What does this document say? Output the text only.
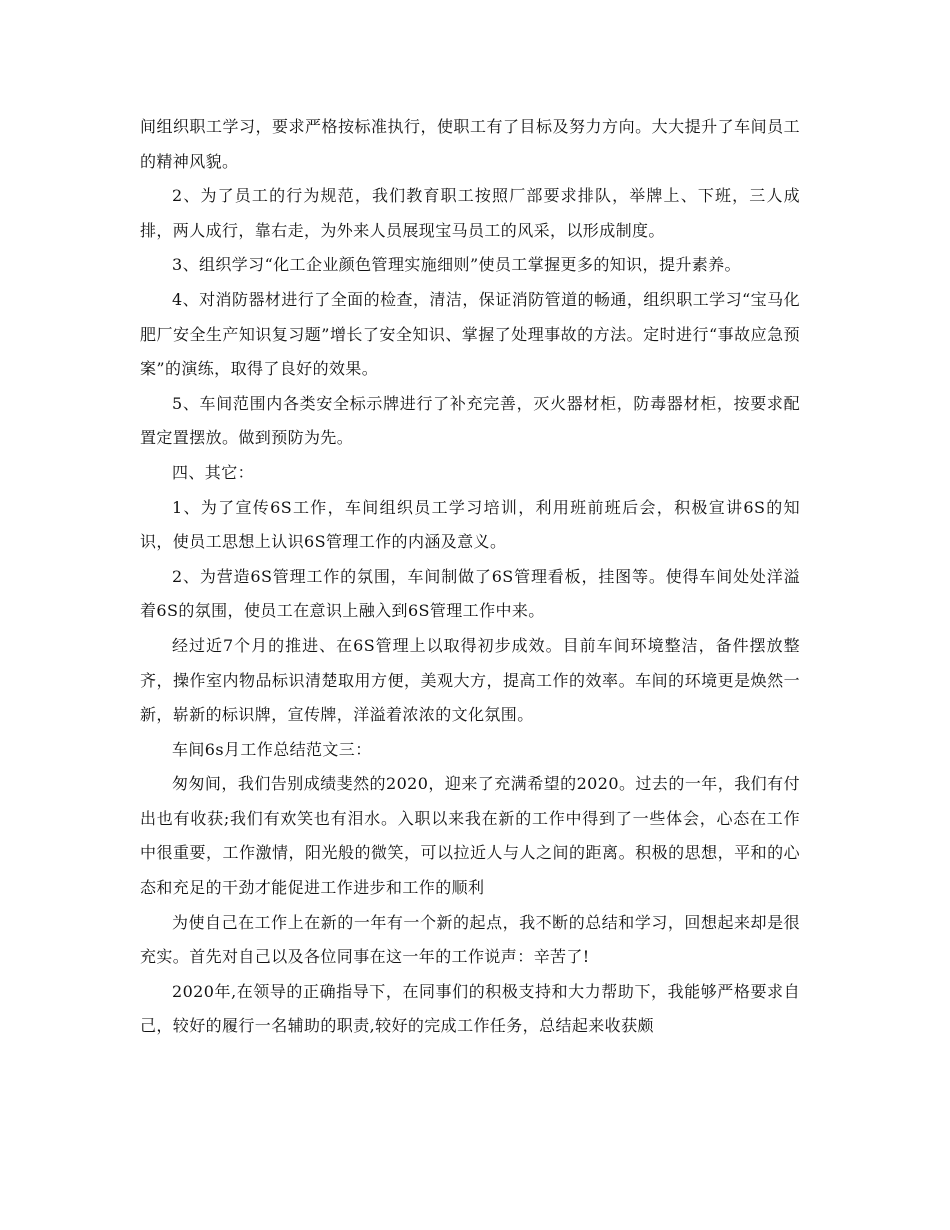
间组织职工学习，要求严格按标准执行，使职工有了目标及努力方向。大大提升了车间员工的精神风貌。

2、为了员工的行为规范，我们教育职工按照厂部要求排队，举牌上、下班，三人成排，两人成行，靠右走，为外来人员展现宝马员工的风采，以形成制度。

3、组织学习“化工企业颜色管理实施细则”使员工掌握更多的知识，提升素养。

4、对消防器材进行了全面的检查，清洁，保证消防管道的畅通，组织职工学习“宝马化肥厂安全生产知识复习题”增长了安全知识、掌握了处理事故的方法。定时进行“事故应急预案”的演练，取得了良好的效果。

5、车间范围内各类安全标示牌进行了补充完善，灭火器材柜，防毒器材柜，按要求配置定置摆放。做到预防为先。

四、其它：

1、为了宣传6S工作，车间组织员工学习培训，利用班前班后会，积极宣讲6S的知识，使员工思想上认识6S管理工作的内涵及意义。

2、为营造6S管理工作的氛围，车间制做了6S管理看板，挂图等。使得车间处处洋溢着6S的氛围，使员工在意识上融入到6S管理工作中来。

经过近7个月的推进、在6S管理上以取得初步成效。目前车间环境整洁，备件摆放整齐，操作室内物品标识清楚取用方便，美观大方，提高工作的效率。车间的环境更是焕然一新，崭新的标识牌，宣传牌，洋溢着浓浓的文化氛围。

车间6s月工作总结范文三：

匆匆间，我们告别成绩斐然的2020，迎来了充满希望的2020。过去的一年，我们有付出也有收获;我们有欢笑也有泪水。入职以来我在新的工作中得到了一些体会，心态在工作中很重要，工作激情，阳光般的微笑，可以拉近人与人之间的距离。积极的思想，平和的心态和充足的干劲才能促进工作进步和工作的顺利

为使自己在工作上在新的一年有一个新的起点，我不断的总结和学习，回想起来却是很充实。首先对自己以及各位同事在这一年的工作说声：辛苦了!

2020年,在领导的正确指导下，在同事们的积极支持和大力帮助下，我能够严格要求自己，较好的履行一名辅助的职责,较好的完成工作任务，总结起来收获颇
